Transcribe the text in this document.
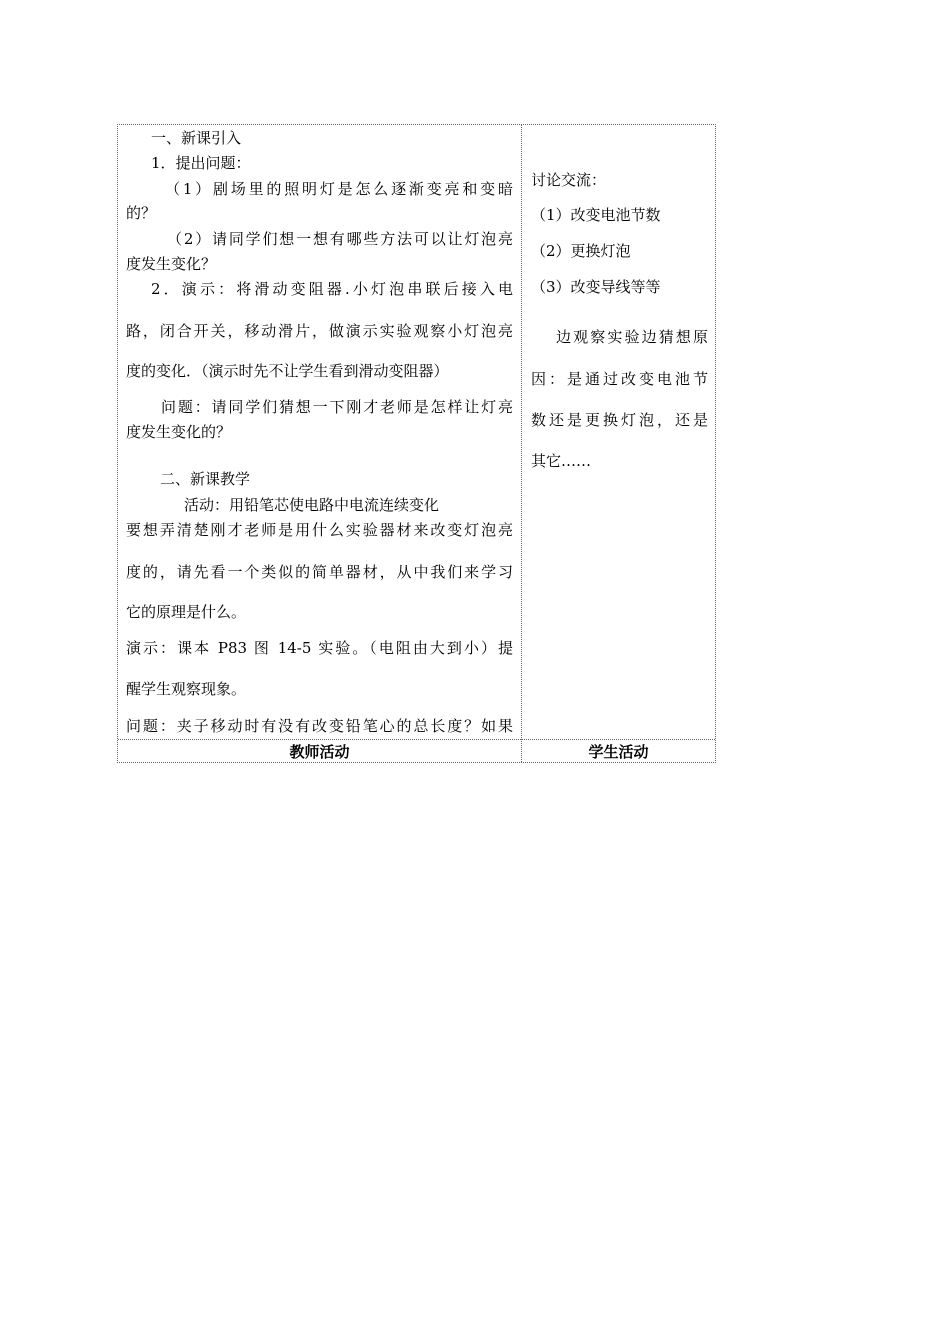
一、新课引入
1．提出问题：
（1）剧场里的照明灯是怎么逐渐变亮和变暗
的？
（2）请同学们想一想有哪些方法可以让灯泡亮
度发生变化？
2．演示：将滑动变阻器.小灯泡串联后接入电
路，闭合开关，移动滑片，做演示实验观察小灯泡亮
度的变化．（演示时先不让学生看到滑动变阻器）
问题：请同学们猜想一下刚才老师是怎样让灯亮
度发生变化的？
二、新课教学
活动：用铅笔芯使电路中电流连续变化
要想弄清楚刚才老师是用什么实验器材来改变灯泡亮
度的，请先看一个类似的简单器材，从中我们来学习
它的原理是什么。
演示：课本 P83 图 14-5 实验。（电阻由大到小）提
醒学生观察现象。
问题：夹子移动时有没有改变铅笔心的总长度？如果
讨论交流：
（1）改变电池节数
（2）更换灯泡
（3）改变导线等等
边观察实验边猜想原
因：是通过改变电池节
数还是更换灯泡，还是
其它……
教师活动	学生活动
